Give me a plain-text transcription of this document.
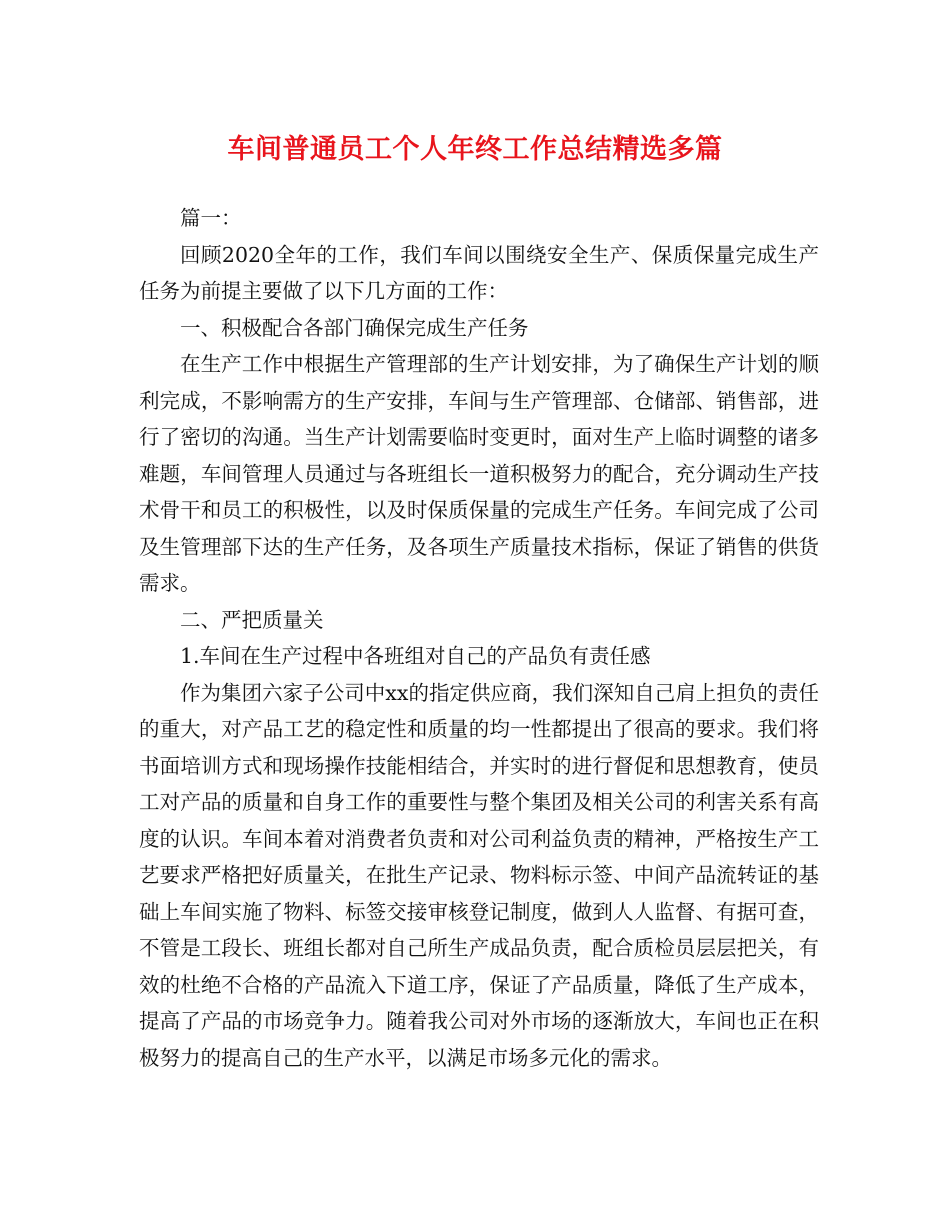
车间普通员工个人年终工作总结精选多篇

篇一：

回顾2020全年的工作，我们车间以围绕安全生产、保质保量完成生产任务为前提主要做了以下几方面的工作：

一、积极配合各部门确保完成生产任务

在生产工作中根据生产管理部的生产计划安排，为了确保生产计划的顺利完成，不影响需方的生产安排，车间与生产管理部、仓储部、销售部，进行了密切的沟通。当生产计划需要临时变更时，面对生产上临时调整的诸多难题，车间管理人员通过与各班组长一道积极努力的配合，充分调动生产技术骨干和员工的积极性，以及时保质保量的完成生产任务。车间完成了公司及生管理部下达的生产任务，及各项生产质量技术指标，保证了销售的供货需求。

二、严把质量关

1.车间在生产过程中各班组对自己的产品负有责任感

作为集团六家子公司中xx的指定供应商，我们深知自己肩上担负的责任的重大，对产品工艺的稳定性和质量的均一性都提出了很高的要求。我们将书面培训方式和现场操作技能相结合，并实时的进行督促和思想教育，使员工对产品的质量和自身工作的重要性与整个集团及相关公司的利害关系有高度的认识。车间本着对消费者负责和对公司利益负责的精神，严格按生产工艺要求严格把好质量关，在批生产记录、物料标示签、中间产品流转证的基础上车间实施了物料、标签交接审核登记制度，做到人人监督、有据可查，不管是工段长、班组长都对自己所生产成品负责，配合质检员层层把关，有效的杜绝不合格的产品流入下道工序，保证了产品质量，降低了生产成本，提高了产品的市场竞争力。随着我公司对外市场的逐渐放大，车间也正在积极努力的提高自己的生产水平，以满足市场多元化的需求。
